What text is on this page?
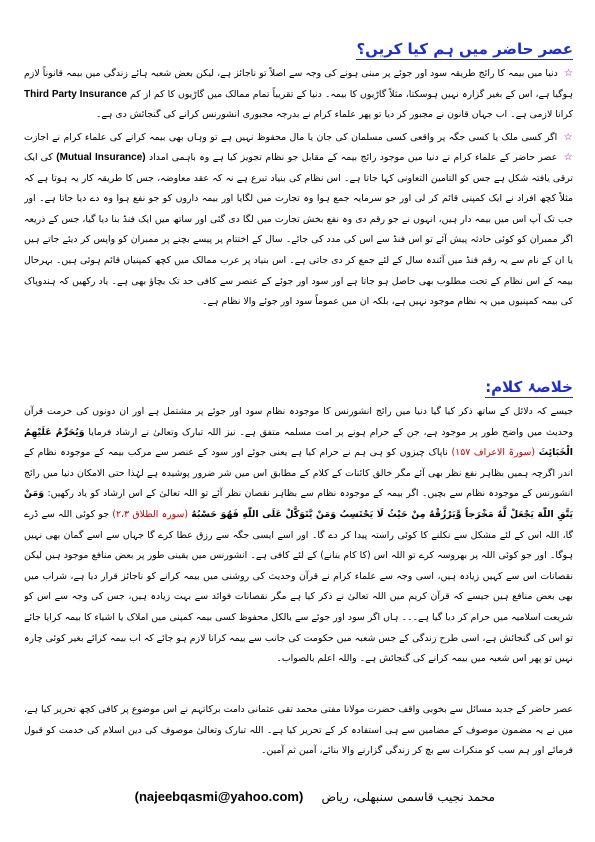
عصر حاضر میں ہم کیا کریں؟
☆ دنیا میں بیمہ کا رائج طریقہ سود اور جوئے پر مبنی ہونے کی وجہ سے اصلاً تو ناجائز ہے، لیکن بعض شعبہ ہائے زندگی میں بیمہ قانوناً لازم ہوگیا ہے، اس کے بغیر گزارہ نہیں ہوسکتا، مثلاً گاڑیوں کا بیمہ۔ دنیا کے تقریباً تمام ممالک میں گاڑیوں کا کم از کم Third Party Insurance کرانا لازمی ہے۔ اب جہاں قانون نے مجبور کر دیا تو پھر علماء کرام نے بدرجہ مجبوری انشورنس کرانے کی گنجائش دی ہے۔
☆ اگر کسی ملک یا کسی جگہ پر واقعی کسی مسلمان کی جان یا مال محفوظ نہیں ہے تو وہاں بھی بیمہ کرانے کی علماء کرام نے اجازت
☆ عصر حاضر کے علماء کرام نے دنیا میں موجود رائج بیمہ کے مقابل جو نظام تجویز کیا ہے وہ باہمی امداد (Mutual Insurance) کی ایک ترقی یافتہ شکل ہے جس کو التامین التعاونی کہا جاتا ہے۔ اس نظام کی بنیاد تبرع ہے نہ کہ عقد معاوضہ، جس کا طریقہ کار یہ ہوتا ہے کہ مثلاً کچھ افراد نے ایک کمپنی قائم کر لی اور جو سرمایہ جمع ہوا وہ تجارت میں لگایا اور بیمہ داروں کو جو نفع ہوا وہ دے دیا جاتا ہے۔ اور جب تک آپ اس میں بیمہ دار ہیں، انہوں نے جو رقم دی وہ نفع بخش تجارت میں لگا دی گئی اور ساتھ میں ایک فنڈ بنا دیا گیا، جس کے ذریعہ اگر ممبران کو کوئی حادثہ پیش آئے تو اس فنڈ سے اس کی مدد کی جائے۔ سال کے اختتام پر پیسے بچنے پر ممبران کو واپس کر دیئے جاتے ہیں یا ان کے نام سے یہ رقم فنڈ میں آئندہ سال کے لئے جمع کر دی جاتی ہے۔ اس بنیاد پر عرب ممالک میں کچھ کمپنیاں قائم ہوئی ہیں۔ بہرحال بیمہ کے اس نظام کے تحت مطلوب بھی حاصل ہو جاتا ہے اور سود اور جوئے کے عنصر سے کافی حد تک بچاؤ بھی ہے۔ یاد رکھیں کہ ہندوپاک کی بیمہ کمپنیوں میں یہ نظام موجود نہیں ہے، بلکہ ان میں عموماً سود اور جوئے والا نظام ہے۔
خلاصۂ کلام:
جیسے کہ دلائل کے ساتھ ذکر کیا گیا دنیا میں رائج انشورنس کا موجودہ نظام سود اور جوئے پر مشتمل ہے اور ان دونوں کی حرمت قرآن وحدیث میں واضح طور پر موجود ہے، جن کے حرام ہونے پر امت مسلمہ متفق ہے۔ نیز اللہ تبارک وتعالیٰ نے ارشاد فرمایا وَيُحَرِّمُ عَلَيْهِمُ الْخَبَائِثَ (سورۃ الاعراف ۱۵۷) ناپاک چیزوں کو ہی ہم نے حرام کیا ہے یعنی جوئے اور سود کے عنصر سے مرکب بیمہ کے موجودہ نظام کے اندر اگرچہ ہمیں بظاہر نفع نظر بھی آئے مگر خالق کائنات کے کلام کے مطابق اس میں شر ضرور پوشیدہ ہے لہٰذا حتی الامکان دنیا میں رائج انشورنس کے موجودہ نظام سے بچیں۔ اگر بیمہ کے موجودہ نظام سے بظاہر نقصان نظر آئے تو اللہ تعالیٰ کے اس ارشاد کو یاد رکھیں: وَمَنْ يَتَّقِ اللّٰهَ يَجْعَلْ لَّهُ مَخْرَجاً وَّيَرْزُقْهُ مِنْ حَيْثُ لَا يَحْتَسِبُ وَمَنْ يَّتَوَكَّلْ عَلَى اللّٰهِ فَهُوَ حَسْبُهُ (سورہ الطلاق ۲،۳) جو کوئی اللہ سے ڈرے گا، اللہ اس کے لئے مشکل سے نکلنے کا کوئی راستہ پیدا کر دے گا۔ اور اسے ایسی جگہ سے رزق عطا کرے گا جہاں سے اسے گمان بھی نہیں ہوگا۔ اور جو کوئی اللہ پر بھروسہ کرے تو اللہ اس (کا کام بنانے) کے لئے کافی ہے۔ انشورنس میں یقینی طور پر بعض منافع موجود ہیں لیکن نقصانات اس سے کہیں زیادہ ہیں، اسی وجہ سے علماء کرام نے قرآن وحدیث کی روشنی میں بیمہ کرانے کو ناجائز قرار دیا ہے، شراب میں بھی بعض منافع ہیں جیسے کہ قرآن کریم میں اللہ تعالیٰ نے ذکر کیا ہے مگر نقصانات فوائد سے بہت زیادہ ہیں، جس کی وجہ سے اس کو شریعت اسلامیہ میں حرام کر دیا گیا ہے۔۔۔ ہاں اگر سود اور جوئے سے بالکل محفوظ کسی بیمہ کمپنی میں املاک یا اشیاء کا بیمہ کرایا جائے تو اس کی گنجائش ہے، اسی طرح زندگی کے جس شعبہ میں حکومت کی جانب سے بیمہ کرانا لازم ہو جائے کہ اب بیمہ کرائے بغیر کوئی چارہ نہیں تو پھر اس شعبہ میں بیمہ کرانے کی گنجائش ہے۔ واللہ اعلم بالصواب۔
عصر حاضر کے جدید مسائل سے بخوبی واقف حضرت مولانا مفتی محمد تقی عثمانی دامت برکاتہم نے اس موضوع پر کافی کچھ تحریر کیا ہے، میں نے یہ مضمون موصوف کے مضامین سے ہی استفادہ کر کے تحریر کیا ہے۔ اللہ تبارک وتعالیٰ موصوف کی دین اسلام کی خدمت کو قبول فرمائے اور ہم سب کو منکرات سے بچ کر زندگی گزارنے والا بنائے، آمین ثم آمین۔
محمد نجیب قاسمی سنبھلی، ریاض (najeebqasmi@yahoo.com)
